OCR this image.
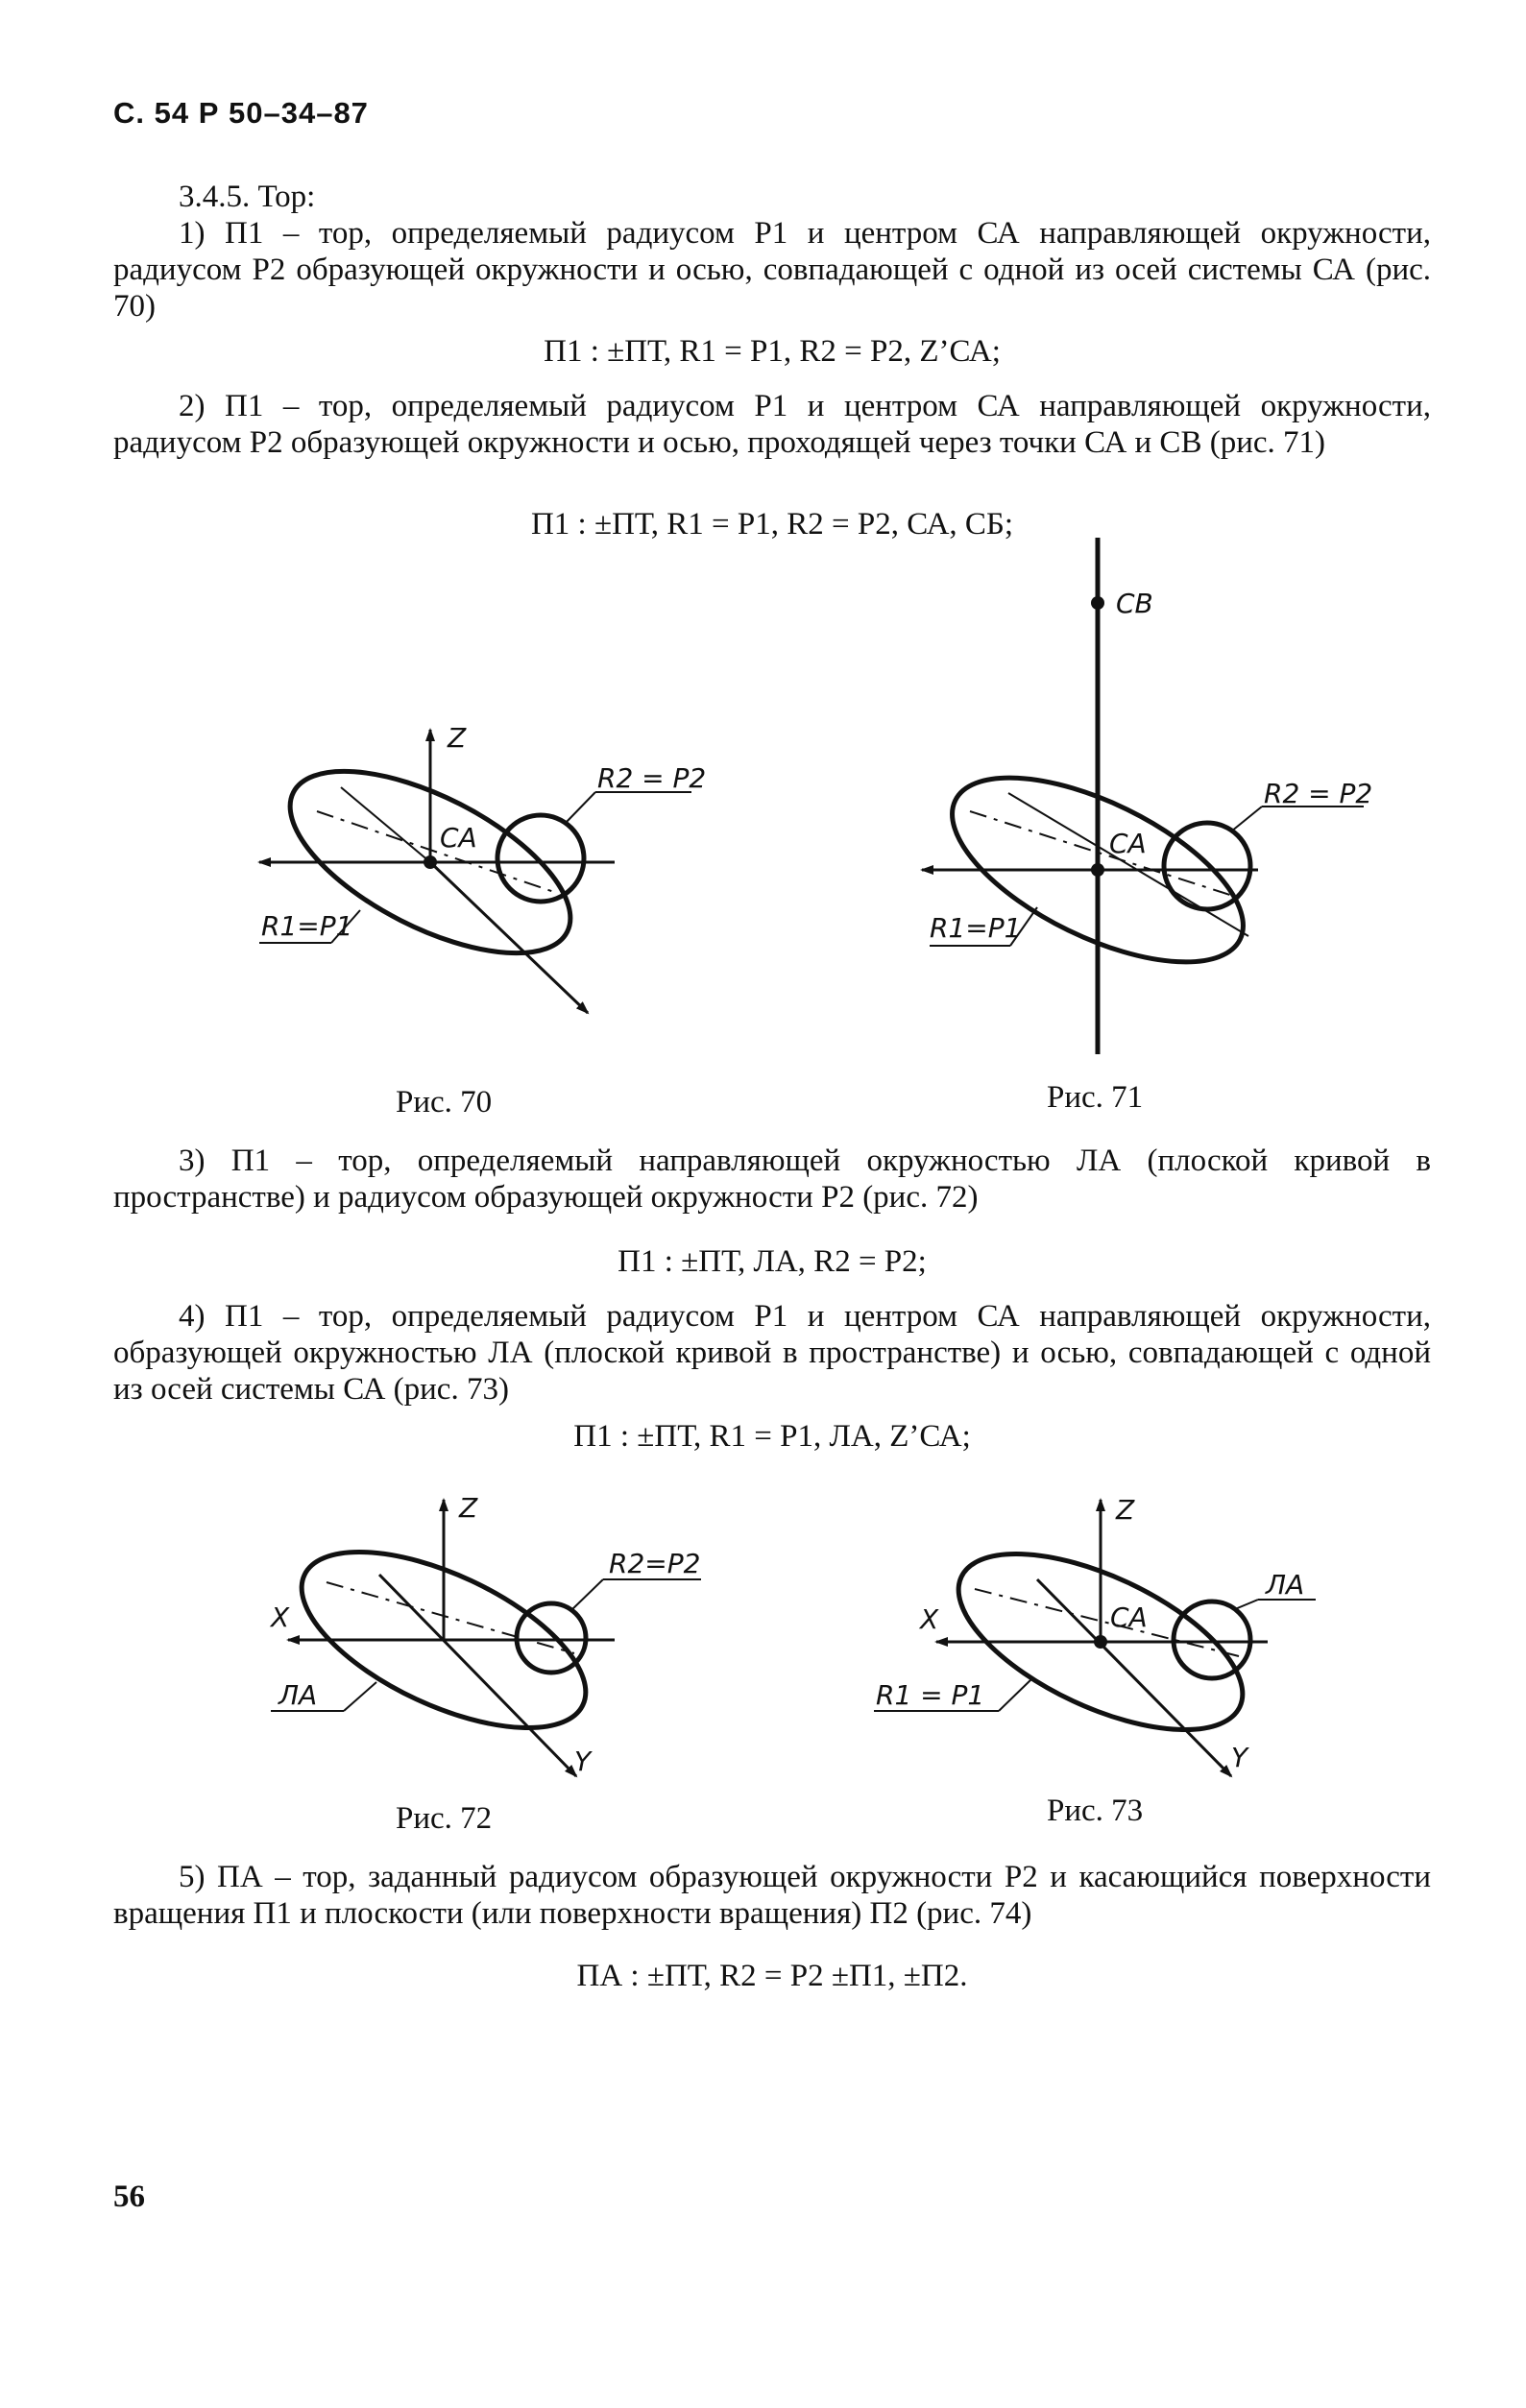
С. 54 Р 50–34–87

3.4.5. Тор:

1) П1 – тор, определяемый радиусом Р1 и центром СА направляющей окружности, радиусом Р2 образующей окружности и осью, совпадающей с одной из осей системы СА (рис. 70)

П1 : ±ПТ, R1 = Р1, R2 = Р2, Z’СА;

2) П1 – тор, определяемый радиусом Р1 и центром СА направляющей окружности, радиусом Р2 образующей окружности и осью, проходящей через точки СА и СВ (рис. 71)

П1 : ±ПТ, R1 = Р1, R2 = Р2, СА, СБ;

Z
СА
R2 = Р2
R1=Р1
СВ
СА
R2 = Р2
R1=Р1
Z
X
Y
R2=Р2
ЛА
Z
X
Y
СА
ЛА
R1 = Р1

Рис. 70	Рис. 71

3) П1 – тор, определяемый направляющей окружностью ЛА (плоской кривой в пространстве) и радиусом образующей окружности Р2 (рис. 72)

П1 : ±ПТ, ЛА, R2 = Р2;

4) П1 – тор, определяемый радиусом Р1 и центром СА направляющей окружности, образующей окружностью ЛА (плоской кривой в пространстве) и осью, совпадающей с одной из осей системы СА (рис. 73)

П1 : ±ПТ, R1 = Р1, ЛА, Z’СА;

Рис. 72	Рис. 73

5) ПА – тор, заданный радиусом образующей окружности Р2 и касающийся поверхности вращения П1 и плоскости (или поверхности вращения) П2 (рис. 74)

ПА : ±ПТ, R2 = Р2 ±П1, ±П2.

56
